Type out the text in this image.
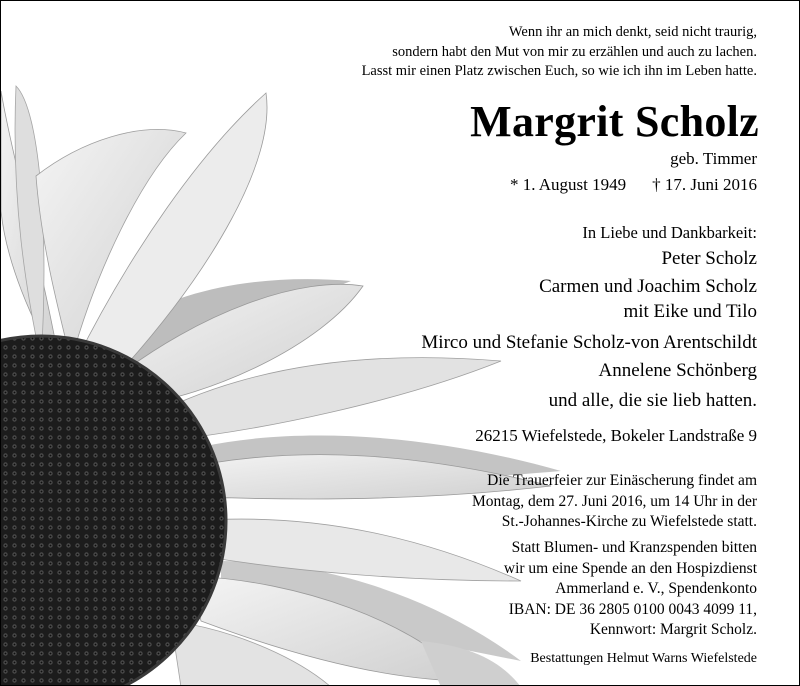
Wenn ihr an mich denkt, seid nicht traurig,
sondern habt den Mut von mir zu erzählen und auch zu lachen.
Lasst mir einen Platz zwischen Euch, so wie ich ihn im Leben hatte.
Margrit Scholz
geb. Timmer
* 1. August 1949 † 17. Juni 2016
In Liebe und Dankbarkeit:
Peter Scholz
Carmen und Joachim Scholz
mit Eike und Tilo
Mirco und Stefanie Scholz-von Arentschildt
Annelene Schönberg
und alle, die sie lieb hatten.
26215 Wiefelstede, Bokeler Landstraße 9
Die Trauerfeier zur Einäscherung findet am
Montag, dem 27. Juni 2016, um 14 Uhr in der
St.-Johannes-Kirche zu Wiefelstede statt.
Statt Blumen- und Kranzspenden bitten
wir um eine Spende an den Hospizdienst
Ammerland e. V., Spendenkonto
IBAN: DE 36 2805 0100 0043 4099 11,
Kennwort: Margrit Scholz.
Bestattungen Helmut Warns Wiefelstede
